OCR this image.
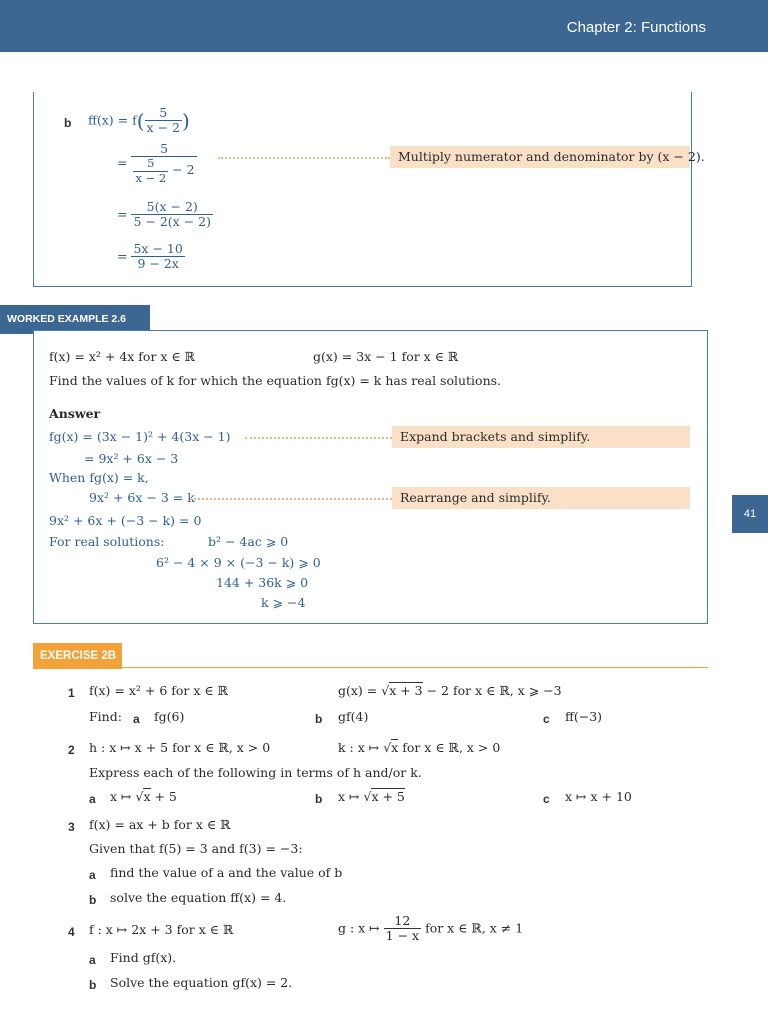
Chapter 2: Functions
41
b $ff(x) = f( \frac{5}{x - 2}$ )
= $\frac{5}{\frac{5}{x - 2} - 2}$	Multiply numerator and denominator by (x − 2).
= $\frac{5(x - 2)}{5 - 2(x - 2)}$
= $\frac{5x - 10}{9 - 2x}$
WORKED EXAMPLE 2.6
f(x) = x² + 4x for x ∈ ℝ	g(x) = 3x − 1 for x ∈ ℝ
Find the values of k for which the equation fg(x) = k has real solutions.
Answer
fg(x) = (3x − 1)² + 4(3x − 1)	Expand brackets and simplify.
= 9x² + 6x − 3
When fg(x) = k,
9x² + 6x − 3 = k	Rearrange and simplify.
9x² + 6x + (−3 − k) = 0
For real solutions:	b² − 4ac ⩾ 0
6² − 4 × 9 × (−3 − k) ⩾ 0
144 + 36k ⩾ 0
k ⩾ −4
EXERCISE 2B
1 f(x) = x² + 6 for x ∈ ℝ	g(x) = √x + 3 − 2 for x ∈ ℝ, x ⩾ −3
Find: a fg(6)	b gf(4)	c ff(−3)
2 h : x ↦ x + 5 for x ∈ ℝ, x > 0	k : x ↦ √x for x ∈ ℝ, x > 0
Express each of the following in terms of h and/or k.
a x ↦ √x + 5	b x ↦ √x + 5	c x ↦ x + 10
3 f(x) = ax + b for x ∈ ℝ
Given that f(5) = 3 and f(3) = −3:
a find the value of a and the value of b
b solve the equation ff(x) = 4.
4 f : x ↦ 2x + 3 for x ∈ ℝ	g : x ↦ $\frac{12}{1 - x}$ for x ∈ ℝ, x ≠ 1
a Find gf(x).
b Solve the equation gf(x) = 2.
